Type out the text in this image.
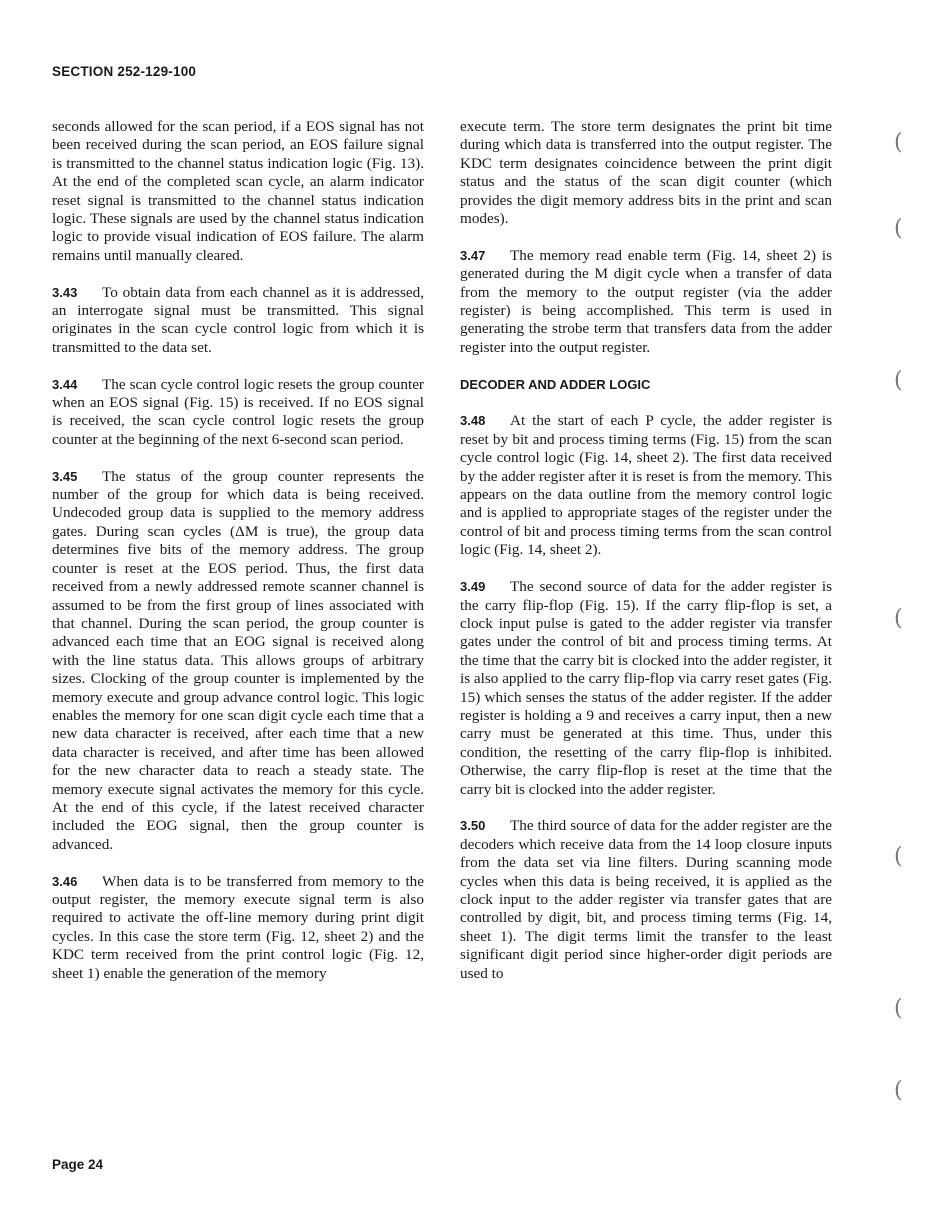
SECTION 252-129-100

seconds allowed for the scan period, if a EOS signal has not been received during the scan period, an EOS failure signal is transmitted to the channel status indication logic (Fig. 13). At the end of the completed scan cycle, an alarm indicator reset signal is transmitted to the channel status indication logic. These signals are used by the channel status indication logic to provide visual indication of EOS failure. The alarm remains until manually cleared.

3.43 To obtain data from each channel as it is addressed, an interrogate signal must be transmitted. This signal originates in the scan cycle control logic from which it is transmitted to the data set.

3.44 The scan cycle control logic resets the group counter when an EOS signal (Fig. 15) is received. If no EOS signal is received, the scan cycle control logic resets the group counter at the beginning of the next 6-second scan period.

3.45 The status of the group counter represents the number of the group for which data is being received. Undecoded group data is supplied to the memory address gates. During scan cycles (ΔM is true), the group data determines five bits of the memory address. The group counter is reset at the EOS period. Thus, the first data received from a newly addressed remote scanner channel is assumed to be from the first group of lines associated with that channel. During the scan period, the group counter is advanced each time that an EOG signal is received along with the line status data. This allows groups of arbitrary sizes. Clocking of the group counter is implemented by the memory execute and group advance control logic. This logic enables the memory for one scan digit cycle each time that a new data character is received, after each time that a new data character is received, and after time has been allowed for the new character data to reach a steady state. The memory execute signal activates the memory for this cycle. At the end of this cycle, if the latest received character included the EOG signal, then the group counter is advanced.

3.46 When data is to be transferred from memory to the output register, the memory execute signal term is also required to activate the off-line memory during print digit cycles. In this case the store term (Fig. 12, sheet 2) and the KDC term received from the print control logic (Fig. 12, sheet 1) enable the generation of the memory

execute term. The store term designates the print bit time during which data is transferred into the output register. The KDC term designates coincidence between the print digit status and the status of the scan digit counter (which provides the digit memory address bits in the print and scan modes).

3.47 The memory read enable term (Fig. 14, sheet 2) is generated during the M digit cycle when a transfer of data from the memory to the output register (via the adder register) is being accomplished. This term is used in generating the strobe term that transfers data from the adder register into the output register.

DECODER AND ADDER LOGIC

3.48 At the start of each P cycle, the adder register is reset by bit and process timing terms (Fig. 15) from the scan cycle control logic (Fig. 14, sheet 2). The first data received by the adder register after it is reset is from the memory. This appears on the data outline from the memory control logic and is applied to appropriate stages of the register under the control of bit and process timing terms from the scan control logic (Fig. 14, sheet 2).

3.49 The second source of data for the adder register is the carry flip-flop (Fig. 15). If the carry flip-flop is set, a clock input pulse is gated to the adder register via transfer gates under the control of bit and process timing terms. At the time that the carry bit is clocked into the adder register, it is also applied to the carry flip-flop via carry reset gates (Fig. 15) which senses the status of the adder register. If the adder register is holding a 9 and receives a carry input, then a new carry must be generated at this time. Thus, under this condition, the resetting of the carry flip-flop is inhibited. Otherwise, the carry flip-flop is reset at the time that the carry bit is clocked into the adder register.

3.50 The third source of data for the adder register are the decoders which receive data from the 14 loop closure inputs from the data set via line filters. During scanning mode cycles when this data is being received, it is applied as the clock input to the adder register via transfer gates that are controlled by digit, bit, and process timing terms (Fig. 14, sheet 1). The digit terms limit the transfer to the least significant digit period since higher-order digit periods are used to

(
(
(
(
(
(
(
Page 24
